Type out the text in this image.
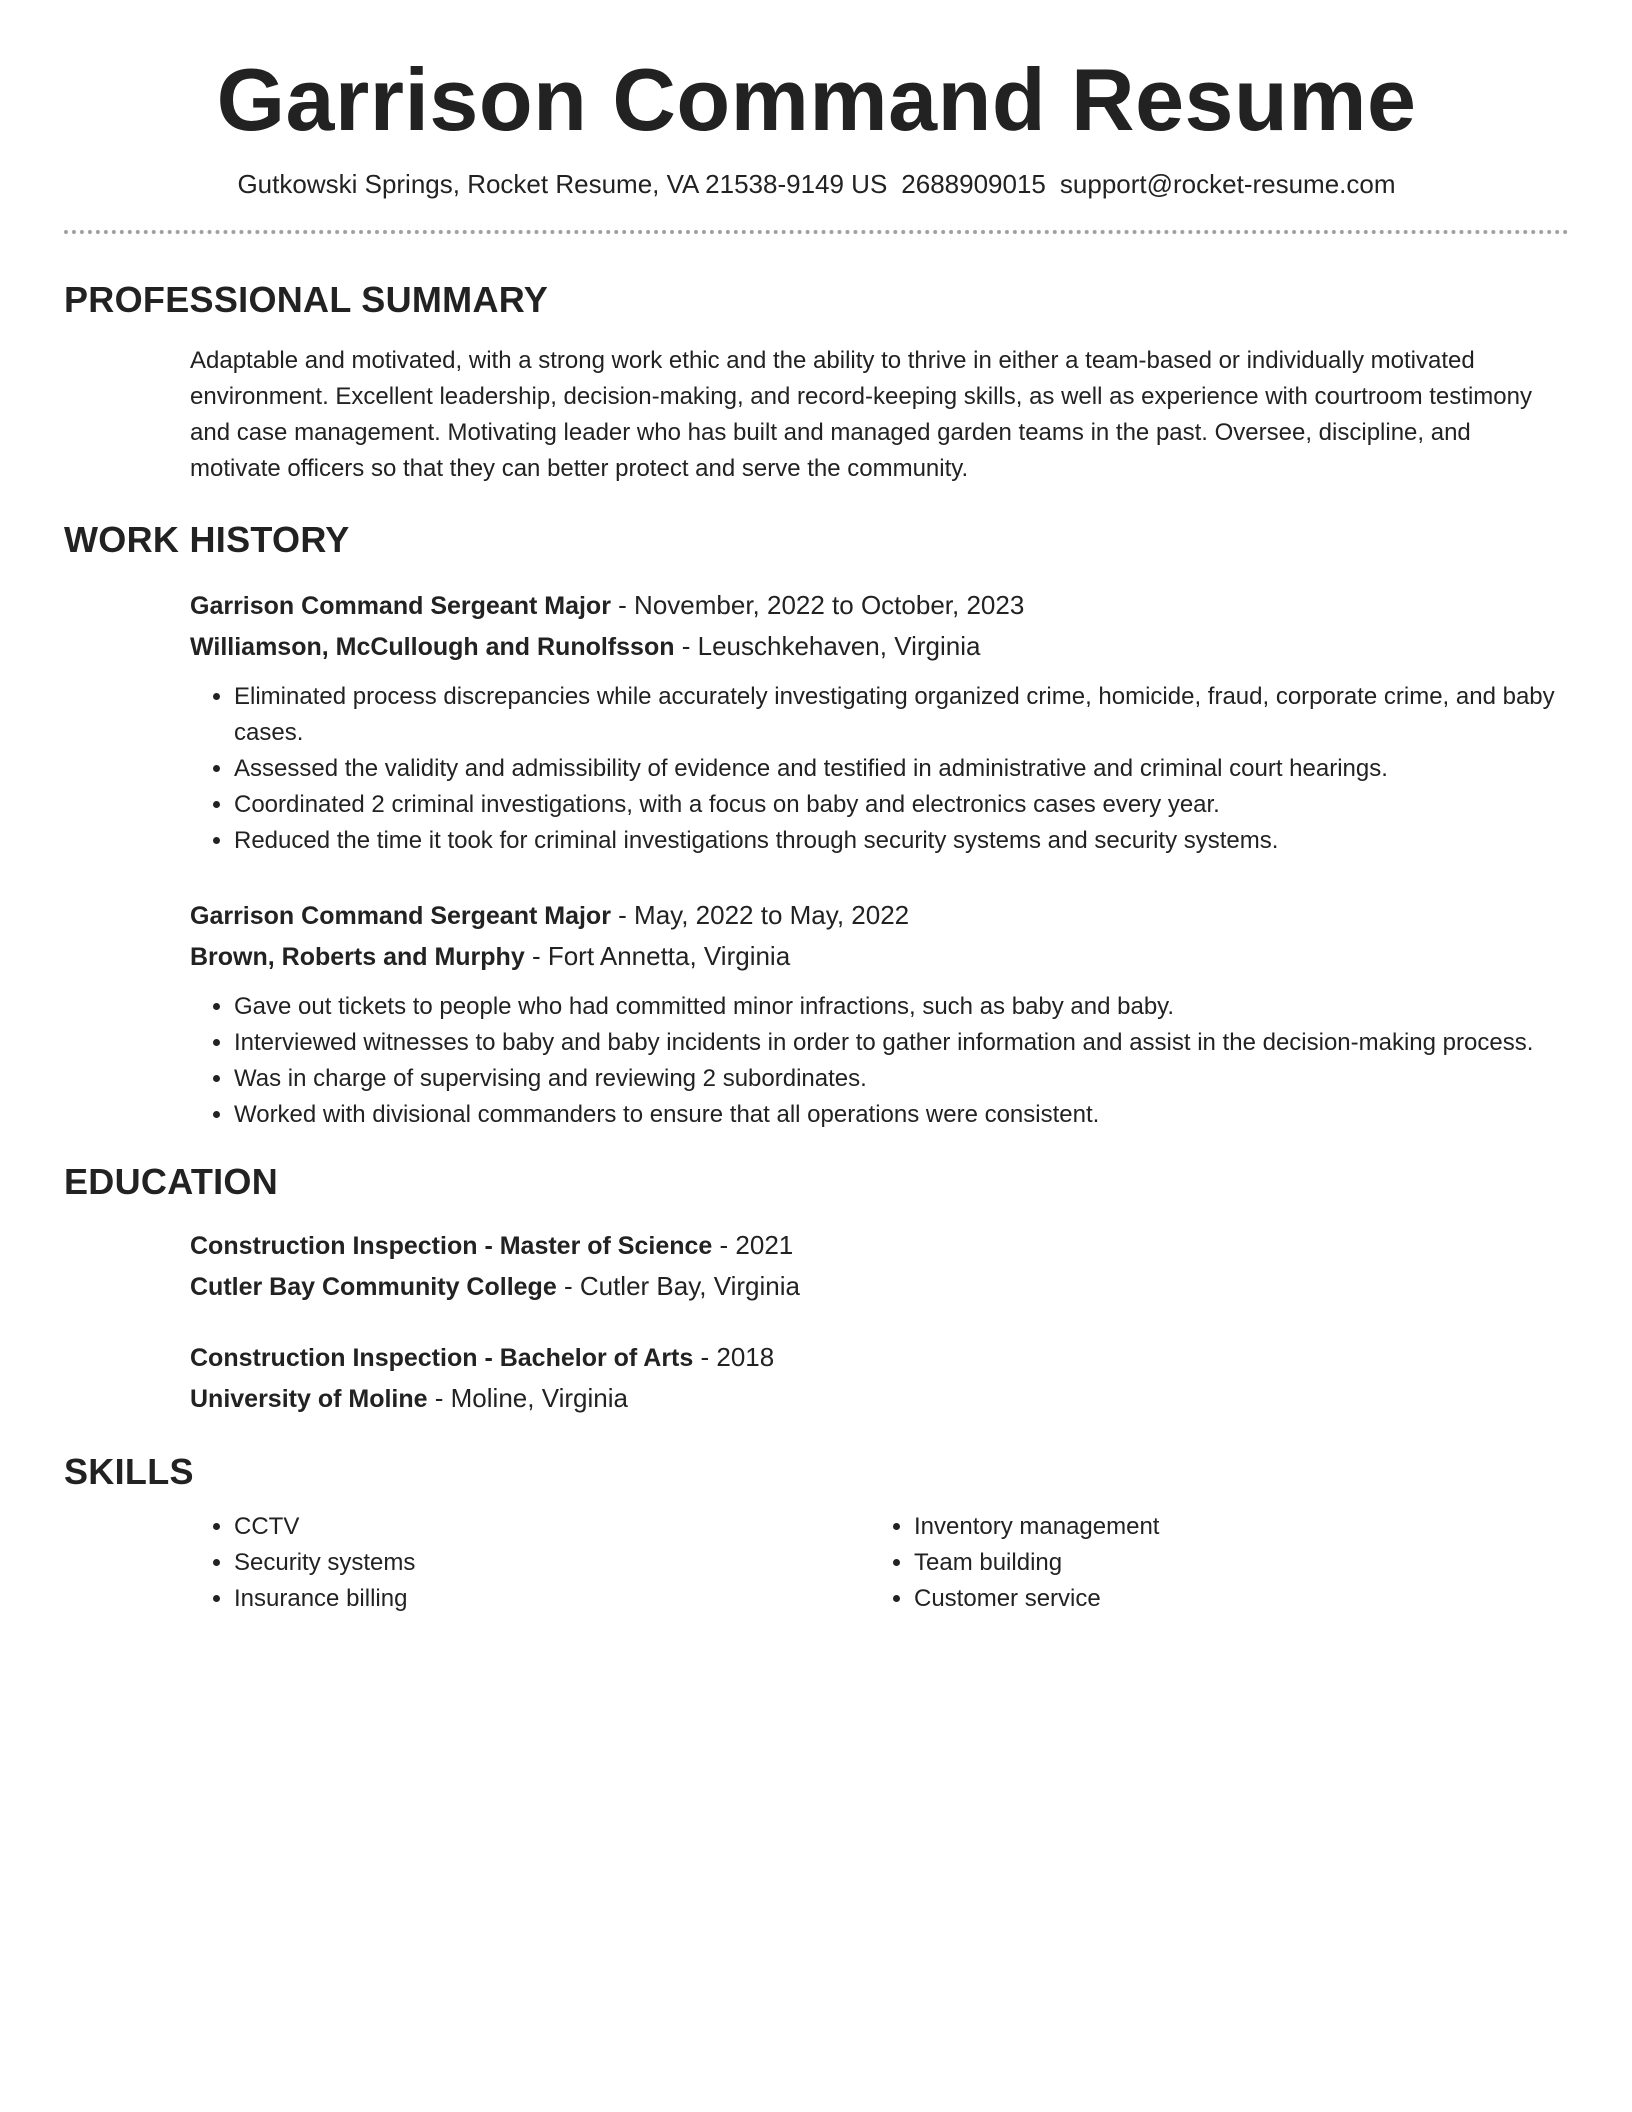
Garrison Command Resume
Gutkowski Springs, Rocket Resume, VA 21538-9149 US 2688909015 support@rocket-resume.com
PROFESSIONAL SUMMARY

Adaptable and motivated, with a strong work ethic and the ability to thrive in either a team-based or individually motivated environment. Excellent leadership, decision-making, and record-keeping skills, as well as experience with courtroom testimony and case management. Motivating leader who has built and managed garden teams in the past. Oversee, discipline, and motivate officers so that they can better protect and serve the community.

WORK HISTORY
Garrison Command Sergeant Major - November, 2022 to October, 2023
Williamson, McCullough and Runolfsson - Leuschkehaven, Virginia
• Eliminated process discrepancies while accurately investigating organized crime, homicide, fraud, corporate crime, and baby cases.
• Assessed the validity and admissibility of evidence and testified in administrative and criminal court hearings.
• Coordinated 2 criminal investigations, with a focus on baby and electronics cases every year.
• Reduced the time it took for criminal investigations through security systems and security systems.
Garrison Command Sergeant Major - May, 2022 to May, 2022
Brown, Roberts and Murphy - Fort Annetta, Virginia
• Gave out tickets to people who had committed minor infractions, such as baby and baby.
• Interviewed witnesses to baby and baby incidents in order to gather information and assist in the decision-making process.
• Was in charge of supervising and reviewing 2 subordinates.
• Worked with divisional commanders to ensure that all operations were consistent.
EDUCATION
Construction Inspection - Master of Science - 2021
Cutler Bay Community College - Cutler Bay, Virginia
Construction Inspection - Bachelor of Arts - 2018
University of Moline - Moline, Virginia
SKILLS
• CCTV
• Security systems
• Insurance billing
• Inventory management
• Team building
• Customer service
